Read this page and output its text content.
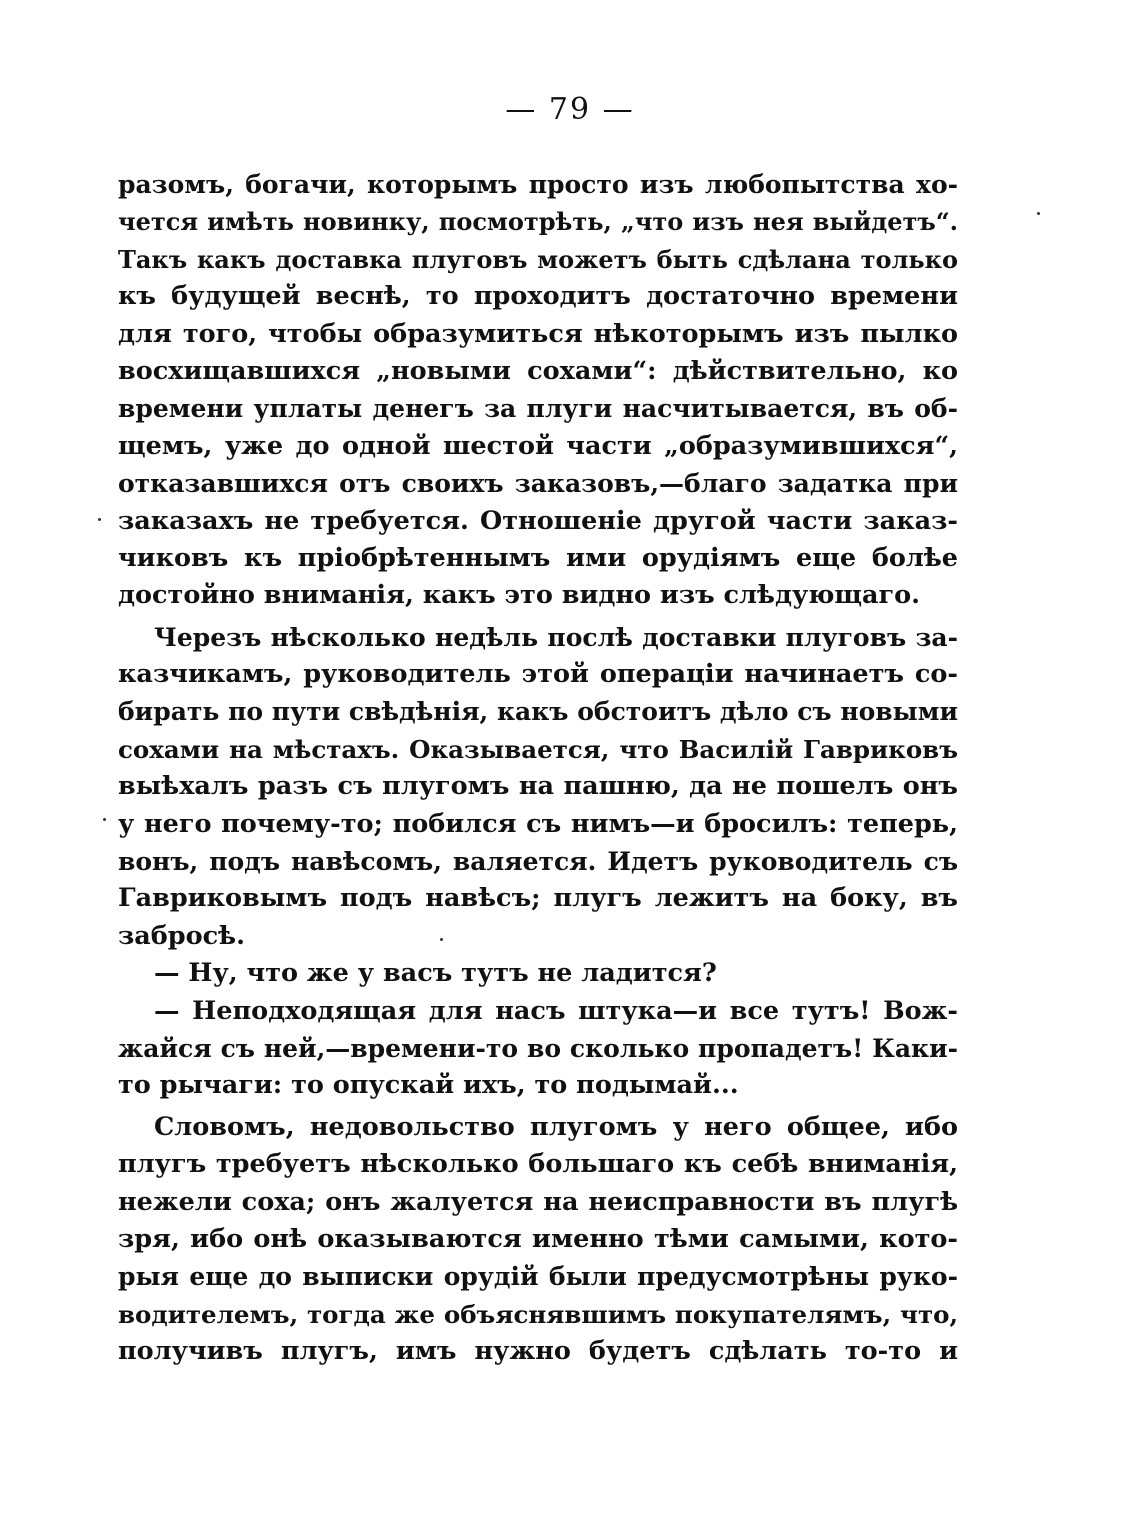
— 79 —
разомъ, богачи, которымъ просто изъ любопытства хо-
чется имѣть новинку, посмотрѣть, „что изъ нея выйдетъ“.
Такъ какъ доставка плуговъ можетъ быть сдѣлана только
къ будущей веснѣ, то проходитъ достаточно времени
для того, чтобы образумиться нѣкоторымъ изъ пылко
восхищавшихся „новыми сохами“: дѣйствительно, ко
времени уплаты денегъ за плуги насчитывается, въ об-
щемъ, уже до одной шестой части „образумившихся“,
отказавшихся отъ своихъ заказовъ,—благо задатка при
заказахъ не требуется. Отношеніе другой части заказ-
чиковъ къ пріобрѣтеннымъ ими орудіямъ еще болѣе
достойно вниманія, какъ это видно изъ слѣдующаго.
Черезъ нѣсколько недѣль послѣ доставки плуговъ за-
казчикамъ, руководитель этой операціи начинаетъ со-
бирать по пути свѣдѣнія, какъ обстоитъ дѣло съ новыми
сохами на мѣстахъ. Оказывается, что Василій Гавриковъ
выѣхалъ разъ съ плугомъ на пашню, да не пошелъ онъ
у него почему-то; побился съ нимъ—и бросилъ: теперь,
вонъ, подъ навѣсомъ, валяется. Идетъ руководитель съ
Гавриковымъ подъ навѣсъ; плугъ лежитъ на боку, въ
забросѣ.
— Ну, что же у васъ тутъ не ладится?
— Неподходящая для насъ штука—и все тутъ! Вож-
жайся съ ней,—времени-то во сколько пропадетъ! Каки-
то рычаги: то опускай ихъ, то подымай...
Словомъ, недовольство плугомъ у него общее, ибо
плугъ требуетъ нѣсколько большаго къ себѣ вниманія,
нежели соха; онъ жалуется на неисправности въ плугѣ
зря, ибо онѣ оказываются именно тѣми самыми, кото-
рыя еще до выписки орудій были предусмотрѣны руко-
водителемъ, тогда же объяснявшимъ покупателямъ, что,
получивъ плугъ, имъ нужно будетъ сдѣлать то-то и
